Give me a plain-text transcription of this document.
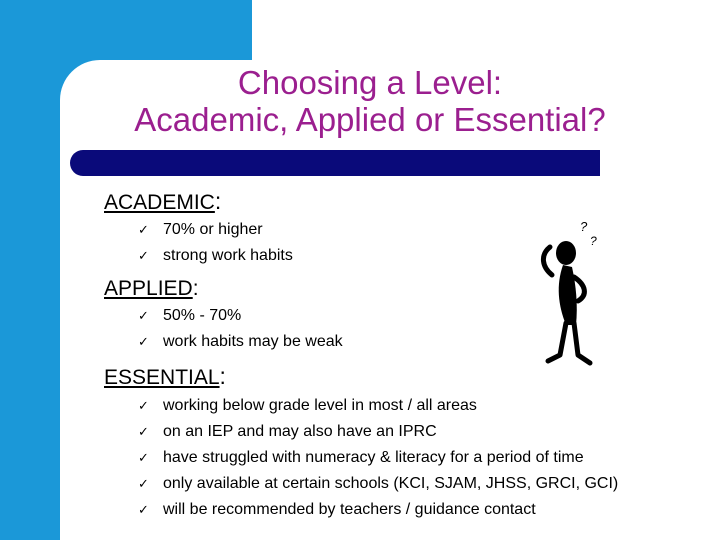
Choosing a Level:
Academic, Applied or Essential?
ACADEMIC:
✓ 70% or higher
✓ strong work habits
APPLIED:
✓ 50% - 70%
✓ work habits may be weak
ESSENTIAL:
✓ working below grade level in most / all areas
✓ on an IEP and may also have an IPRC
✓ have struggled with numeracy & literacy for a period of time
✓ only available at certain schools (KCI, SJAM, JHSS, GRCI, GCI)
✓ will be recommended by teachers / guidance contact
?
?
